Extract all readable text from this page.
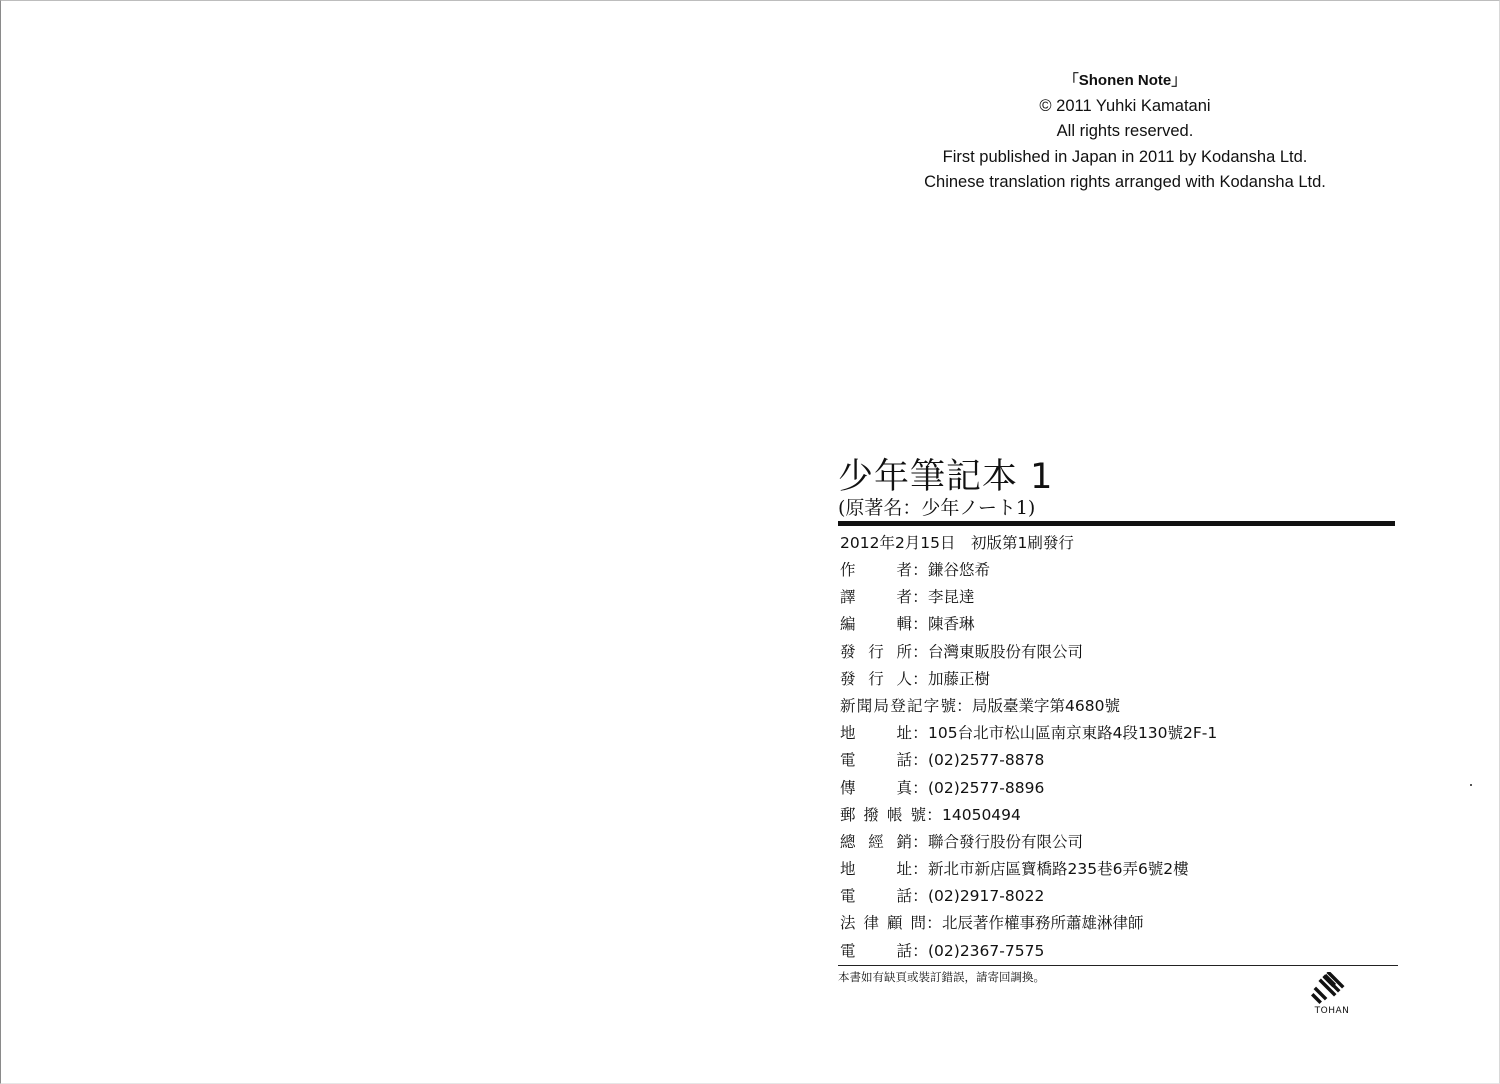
「Shonen Note」
© 2011 Yuhki Kamatani
All rights reserved.
First published in Japan in 2011 by Kodansha Ltd.
Chinese translation rights arranged with Kodansha Ltd.
少年筆記本 1
(原著名：少年ノート1)
2012年2月15日　初版第1刷發行
作者 ： 鎌谷悠希
譯者 ： 李昆達
編輯 ： 陳香琳
發行所 ： 台灣東販股份有限公司
發行人 ： 加藤正樹
新聞局登記字號 ： 局版臺業字第4680號
地址 ： 105台北市松山區南京東路4段130號2F-1
電話 ： (02)2577-8878
傳真 ： (02)2577-8896
郵撥帳號 ： 14050494
總經銷 ： 聯合發行股份有限公司
地址 ： 新北市新店區寶橋路235巷6弄6號2樓
電話 ： (02)2917-8022
法律顧問 ： 北辰著作權事務所蕭雄淋律師
電話 ： (02)2367-7575
本書如有缺頁或裝訂錯誤，請寄回調換。
TOHAN
